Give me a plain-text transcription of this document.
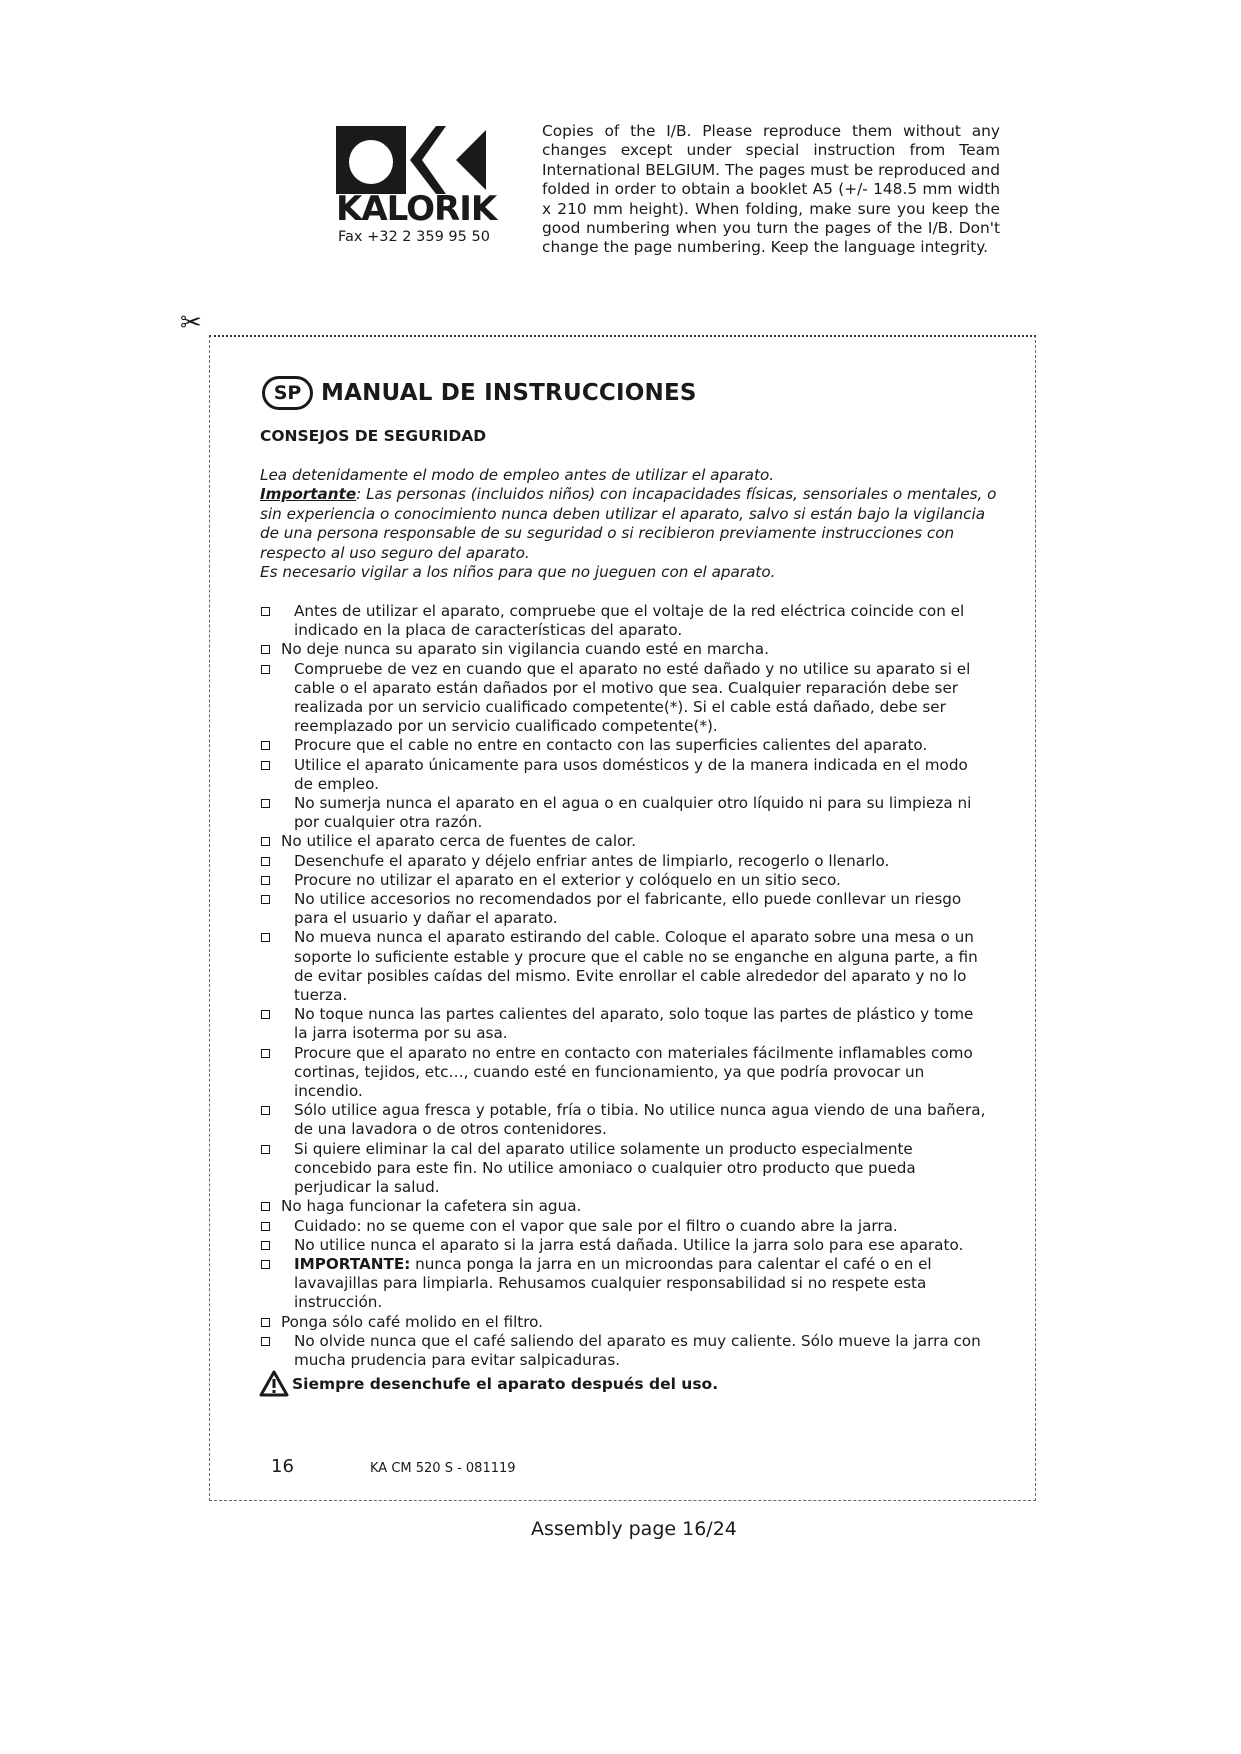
KALORIK
Fax +32 2 359 95 50
Copies of the I/B. Please reproduce them without any changes except under special instruction from Team International BELGIUM. The pages must be reproduced and folded in order to obtain a booklet A5 (+/- 148.5 mm width x 210 mm height). When folding, make sure you keep the good numbering when you turn the pages of the I/B. Don't change the page numbering. Keep the language integrity.
✂
SP MANUAL DE INSTRUCCIONES
CONSEJOS DE SEGURIDAD

Lea detenidamente el modo de empleo antes de utilizar el aparato.

Importante: Las personas (incluidos niños) con incapacidades físicas, sensoriales o mentales, o sin experiencia o conocimiento nunca deben utilizar el aparato, salvo si están bajo la vigilancia de una persona responsable de su seguridad o si recibieron previamente instrucciones con respecto al uso seguro del aparato.

Es necesario vigilar a los niños para que no jueguen con el aparato.

Antes de utilizar el aparato, compruebe que el voltaje de la red eléctrica coincide con el indicado en la placa de características del aparato.
No deje nunca su aparato sin vigilancia cuando esté en marcha.
Compruebe de vez en cuando que el aparato no esté dañado y no utilice su aparato si el cable o el aparato están dañados por el motivo que sea. Cualquier reparación debe ser realizada por un servicio cualificado competente(*). Si el cable está dañado, debe ser reemplazado por un servicio cualificado competente(*).
Procure que el cable no entre en contacto con las superficies calientes del aparato.
Utilice el aparato únicamente para usos domésticos y de la manera indicada en el modo de empleo.
No sumerja nunca el aparato en el agua o en cualquier otro líquido ni para su limpieza ni por cualquier otra razón.
No utilice el aparato cerca de fuentes de calor.
Desenchufe el aparato y déjelo enfriar antes de limpiarlo, recogerlo o llenarlo.
Procure no utilizar el aparato en el exterior y colóquelo en un sitio seco.
No utilice accesorios no recomendados por el fabricante, ello puede conllevar un riesgo para el usuario y dañar el aparato.
No mueva nunca el aparato estirando del cable. Coloque el aparato sobre una mesa o un soporte lo suficiente estable y procure que el cable no se enganche en alguna parte, a fin de evitar posibles caídas del mismo. Evite enrollar el cable alrededor del aparato y no lo tuerza.
No toque nunca las partes calientes del aparato, solo toque las partes de plástico y tome la jarra isoterma por su asa.
Procure que el aparato no entre en contacto con materiales fácilmente inflamables como cortinas, tejidos, etc…, cuando esté en funcionamiento, ya que podría provocar un incendio.
Sólo utilice agua fresca y potable, fría o tibia. No utilice nunca agua viendo de una bañera, de una lavadora o de otros contenidores.
Si quiere eliminar la cal del aparato utilice solamente un producto especialmente concebido para este fin. No utilice amoniaco o cualquier otro producto que pueda perjudicar la salud.
No haga funcionar la cafetera sin agua.
Cuidado: no se queme con el vapor que sale por el filtro o cuando abre la jarra.
No utilice nunca el aparato si la jarra está dañada. Utilice la jarra solo para ese aparato.
IMPORTANTE: nunca ponga la jarra en un microondas para calentar el café o en el lavavajillas para limpiarla. Rehusamos cualquier responsabilidad si no respete esta instrucción.
Ponga sólo café molido en el filtro.
No olvide nunca que el café saliendo del aparato es muy caliente. Sólo mueve la jarra con mucha prudencia para evitar salpicaduras.
Siempre desenchufe el aparato después del uso.
16	KA CM 520 S - 081119
Assembly page 16/24
